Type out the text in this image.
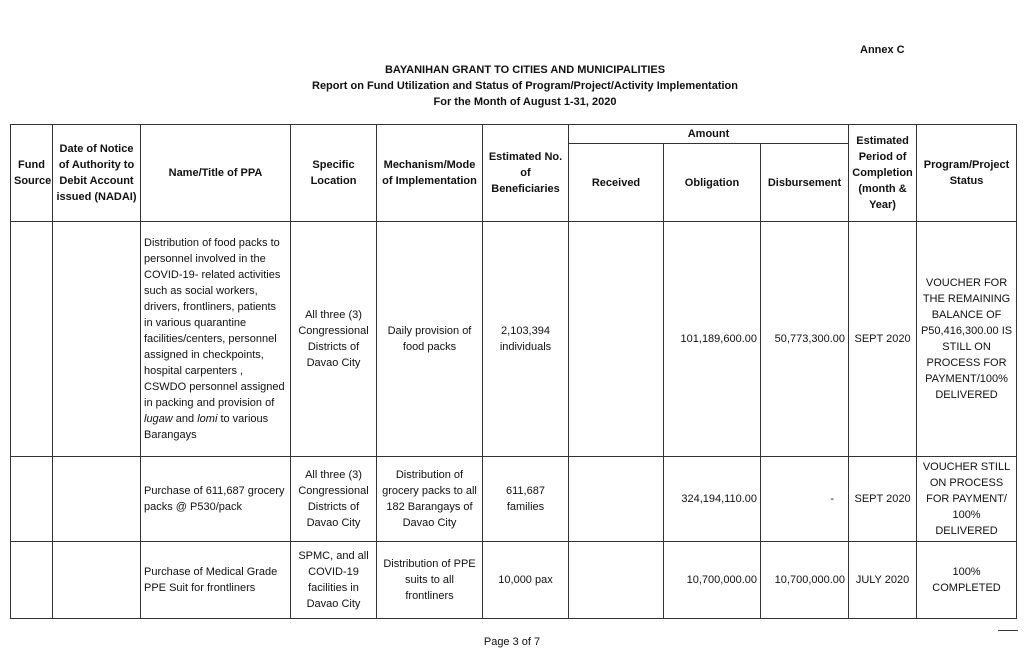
Annex C
BAYANIHAN GRANT TO CITIES AND MUNICIPALITIES
Report on Fund Utilization and Status of Program/Project/Activity Implementation
For the Month of August 1-31, 2020
Fund Source	Date of Notice of Authority to Debit Account issued (NADAI)	Name/Title of PPA	Specific Location	Mechanism/Mode of Implementation	Estimated No. of Beneficiaries	Amount			Estimated Period of Completion (month & Year)	Program/Project Status
						Received	Obligation	Disbursement		
		Distribution of food packs to personnel involved in the COVID-19- related activities such as social workers, drivers, frontliners, patients in various quarantine facilities/centers, personnel assigned in checkpoints, hospital carpenters , CSWDO personnel assigned in packing and provision of lugaw and lomi to various Barangays	All three (3) Congressional Districts of Davao City	Daily provision of food packs	2,103,394 individuals		101,189,600.00	50,773,300.00	SEPT 2020	VOUCHER FOR THE REMAINING BALANCE OF P50,416,300.00 IS STILL ON PROCESS FOR PAYMENT/100% DELIVERED
		Purchase of 611,687 grocery packs @ P530/pack	All three (3) Congressional Districts of Davao City	Distribution of grocery packs to all 182 Barangays of Davao City	611,687 families		324,194,110.00	-	SEPT 2020	VOUCHER STILL ON PROCESS FOR PAYMENT/ 100% DELIVERED
		Purchase of Medical Grade PPE Suit for frontliners	SPMC, and all COVID-19 facilities in Davao City	Distribution of PPE suits to all frontliners	10,000 pax		10,700,000.00	10,700,000.00	JULY 2020	100% COMPLETED
Page 3 of 7
